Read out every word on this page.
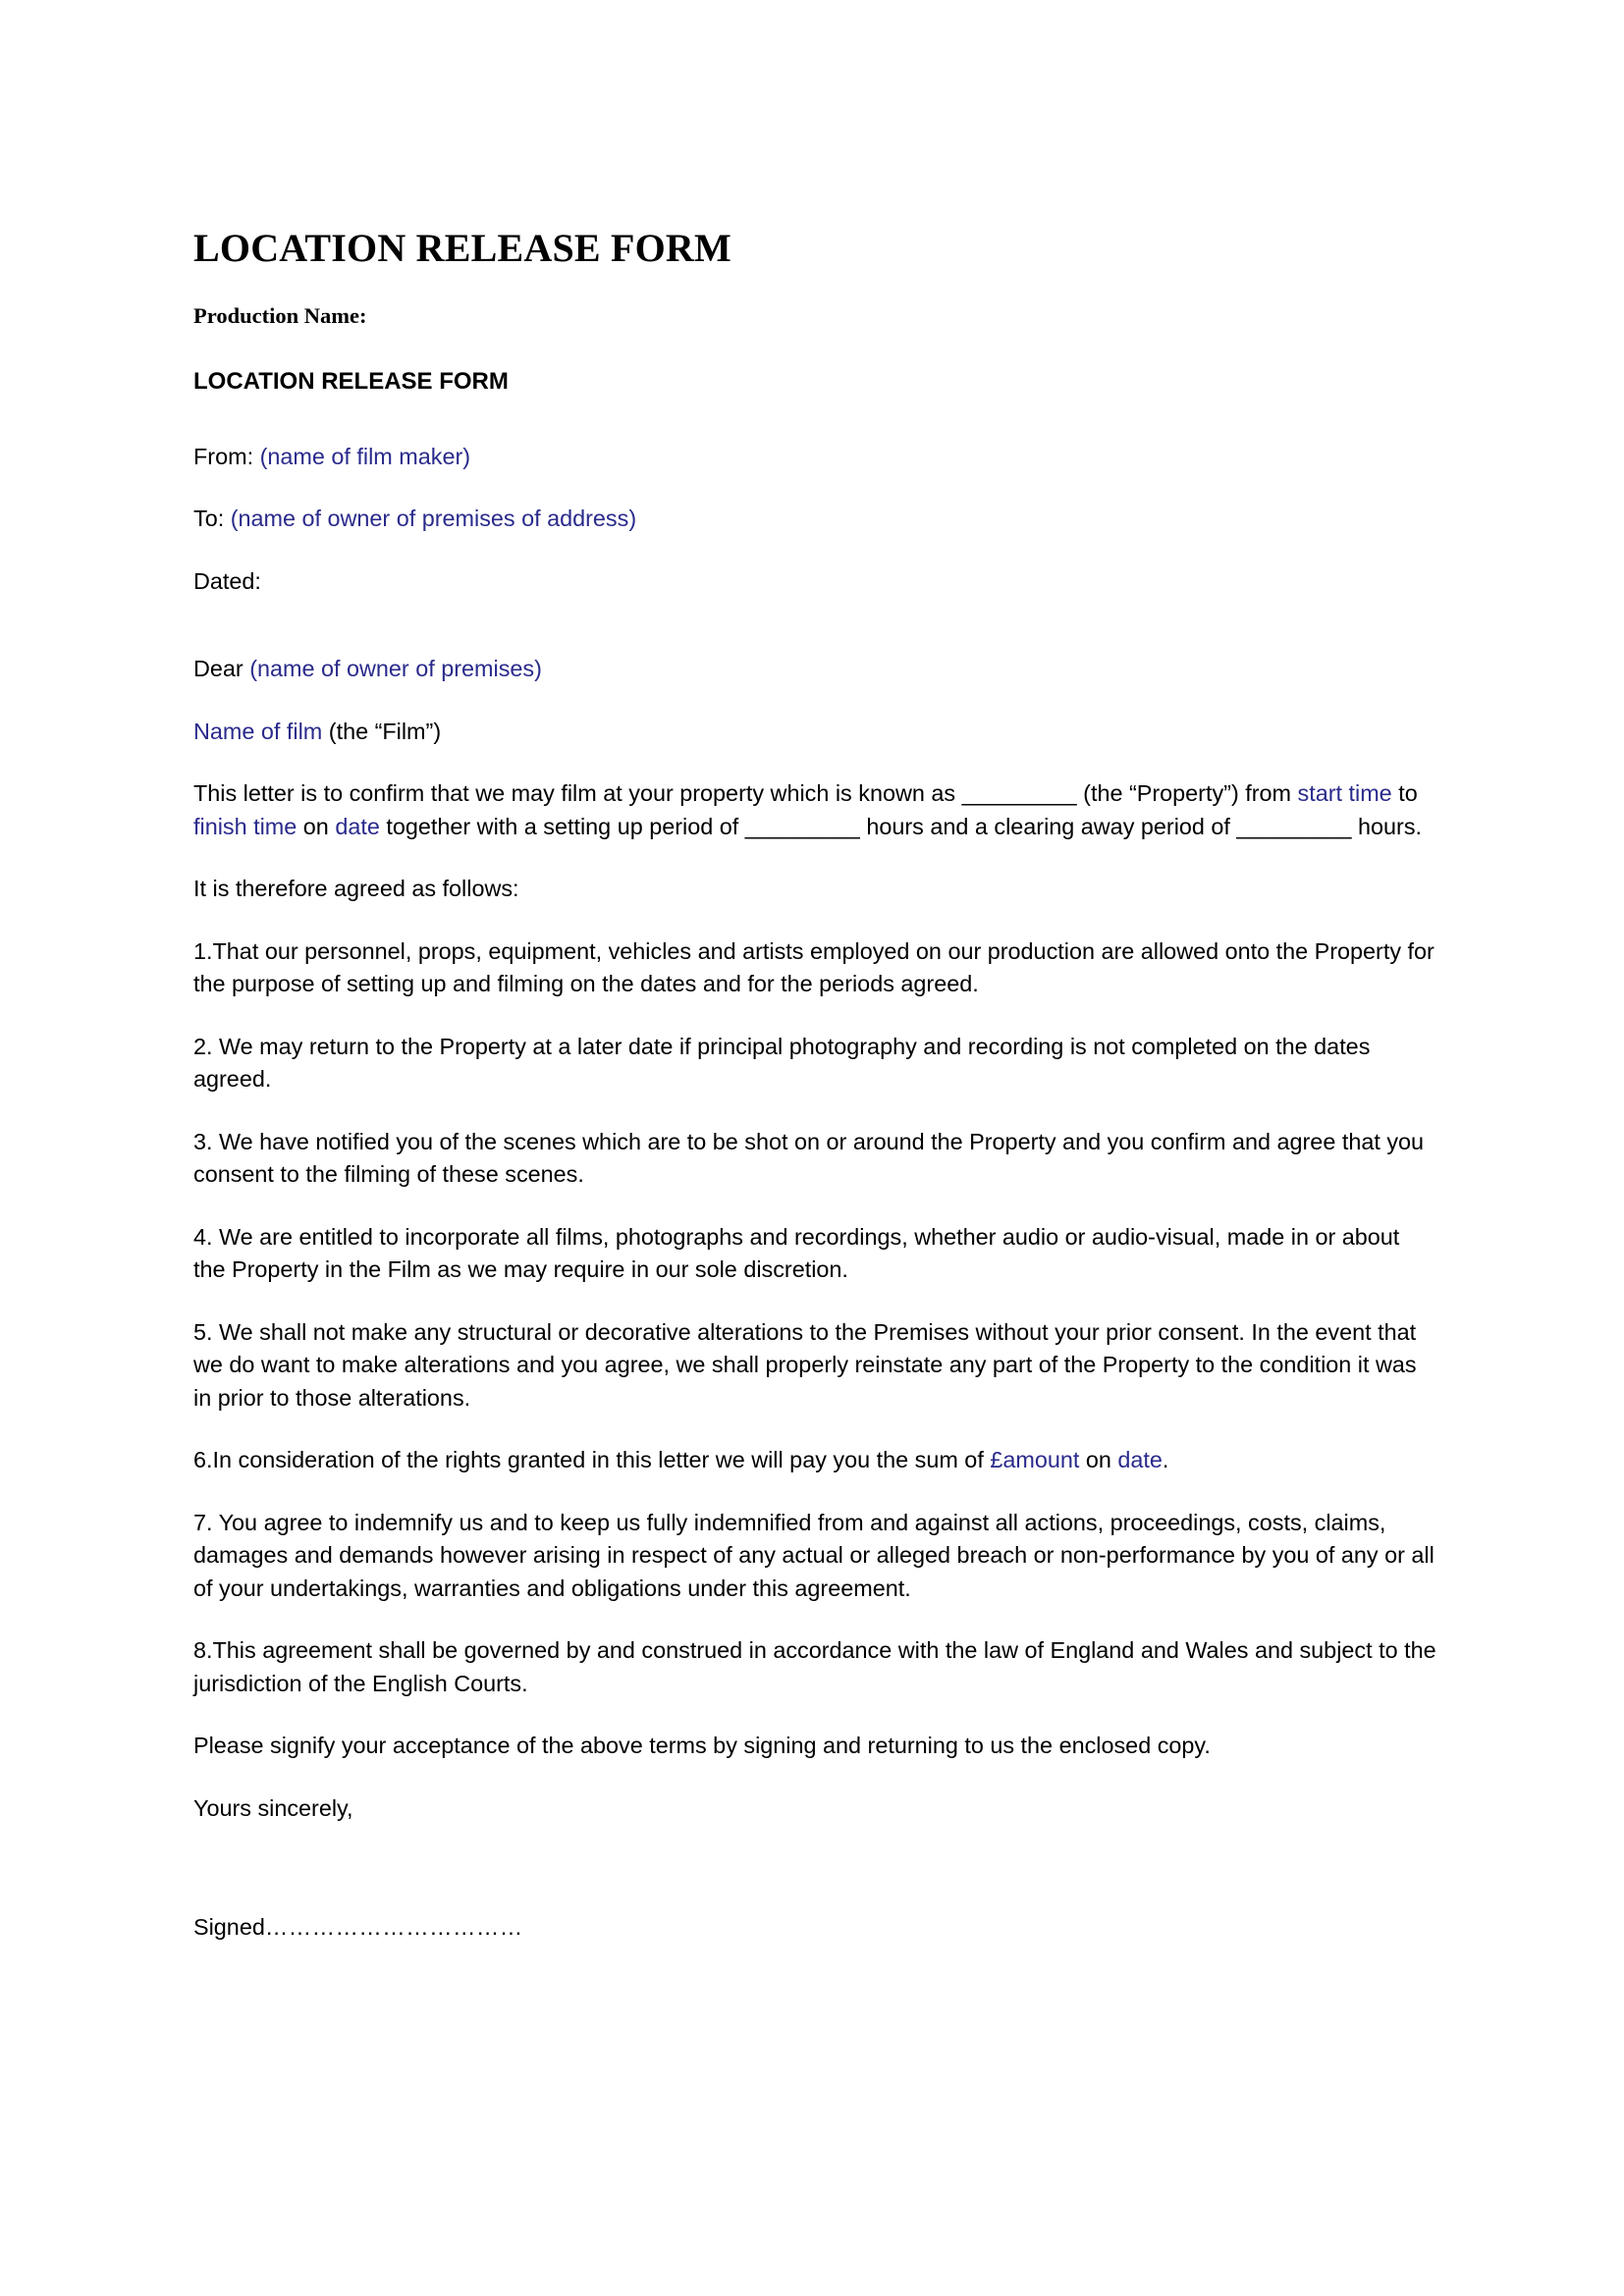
LOCATION RELEASE FORM
Production Name:
LOCATION RELEASE FORM

From: (name of film maker)

To: (name of owner of premises of address)

Dated:

Dear (name of owner of premises)

Name of film (the “Film”)

This letter is to confirm that we may film at your property which is known as _________ (the “Property”) from start time to finish time on date together with a setting up period of _________ hours and a clearing away period of _________ hours.

It is therefore agreed as follows:

1.That our personnel, props, equipment, vehicles and artists employed on our production are allowed onto the Property for the purpose of setting up and filming on the dates and for the periods agreed.

2. We may return to the Property at a later date if principal photography and recording is not completed on the dates agreed.

3. We have notified you of the scenes which are to be shot on or around the Property and you confirm and agree that you consent to the filming of these scenes.

4. We are entitled to incorporate all films, photographs and recordings, whether audio or audio-visual, made in or about the Property in the Film as we may require in our sole discretion.

5. We shall not make any structural or decorative alterations to the Premises without your prior consent. In the event that we do want to make alterations and you agree, we shall properly reinstate any part of the Property to the condition it was in prior to those alterations.

6.In consideration of the rights granted in this letter we will pay you the sum of £amount on date.

7. You agree to indemnify us and to keep us fully indemnified from and against all actions, proceedings, costs, claims, damages and demands however arising in respect of any actual or alleged breach or non-performance by you of any or all of your undertakings, warranties and obligations under this agreement.

8.This agreement shall be governed by and construed in accordance with the law of England and Wales and subject to the jurisdiction of the English Courts.

Please signify your acceptance of the above terms by signing and returning to us the enclosed copy.

Yours sincerely,

Signed……………………………
